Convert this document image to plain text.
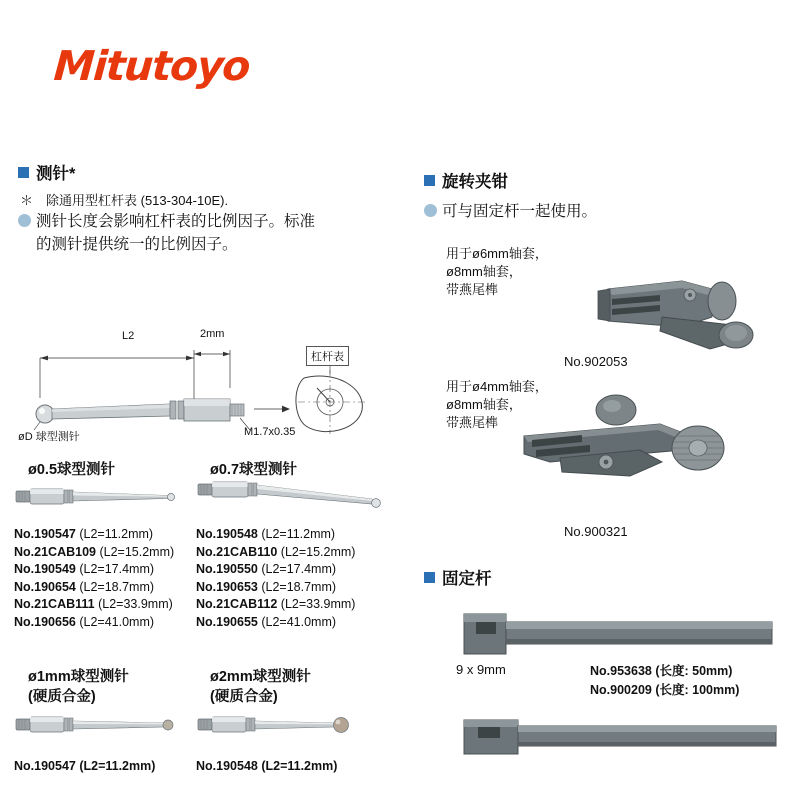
Mitutoyo
测针*
＊　除通用型杠杆表 (513-304-10E).
测针长度会影响杠杆表的比例因子。标准
的测针提供统一的比例因子。
L2	2mm
øD 球型测针	M1.7x0.35
杠杆表
ø0.5球型测针
No.190547 (L2=11.2mm)
No.21CAB109 (L2=15.2mm)
No.190549 (L2=17.4mm)
No.190654 (L2=18.7mm)
No.21CAB111 (L2=33.9mm)
No.190656 (L2=41.0mm)
ø0.7球型测针
No.190548 (L2=11.2mm)
No.21CAB110 (L2=15.2mm)
No.190550 (L2=17.4mm)
No.190653 (L2=18.7mm)
No.21CAB112 (L2=33.9mm)
No.190655 (L2=41.0mm)
ø1mm球型测针
(硬质合金)
No.190547 (L2=11.2mm)
ø2mm球型测针
(硬质合金)
No.190548 (L2=11.2mm)
旋转夹钳
可与固定杆一起使用。
用于ø6mm轴套，
ø8mm轴套，
带燕尾榫
No.902053
用于ø4mm轴套，
ø8mm轴套，
带燕尾榫
No.900321
固定杆
9 x 9mm	No.953638 (长度: 50mm)
No.900209 (长度: 100mm)
